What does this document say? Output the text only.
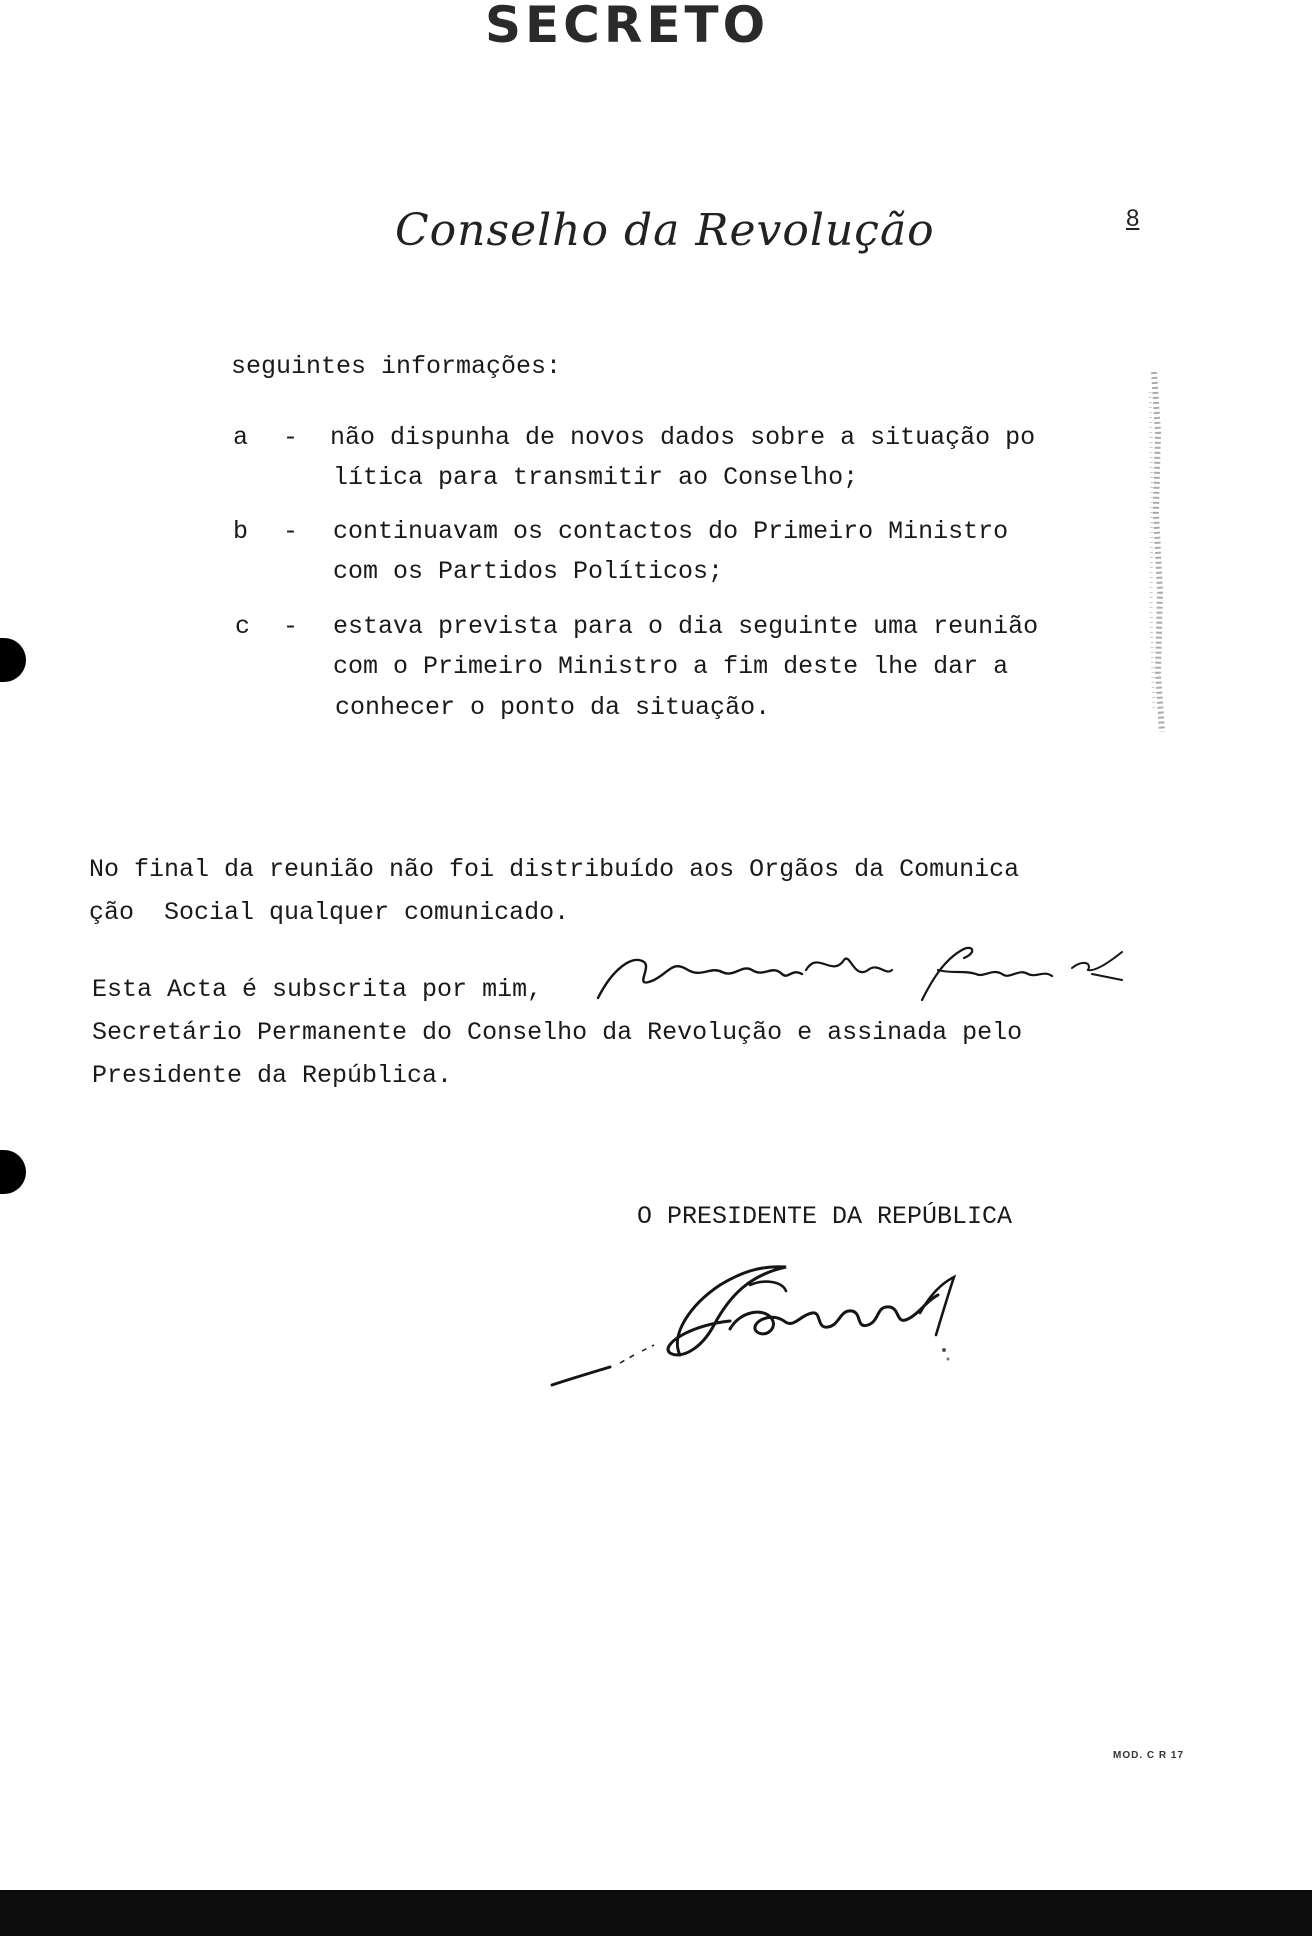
SECRETO
Conselho da Revolução	8
seguintes informações:
a - não dispunha de novos dados sobre a situação po
lítica para transmitir ao Conselho;
b - continuavam os contactos do Primeiro Ministro
com os Partidos Políticos;
c - estava prevista para o dia seguinte uma reunião
com o Primeiro Ministro a fim deste lhe dar a
conhecer o ponto da situação.
No final da reunião não foi distribuído aos Orgãos da Comunica
ção  Social qualquer comunicado.
Esta Acta é subscrita por mim,
Secretário Permanente do Conselho da Revolução e assinada pelo
Presidente da República.
O PRESIDENTE DA REPÚBLICA
MOD. C R 17
